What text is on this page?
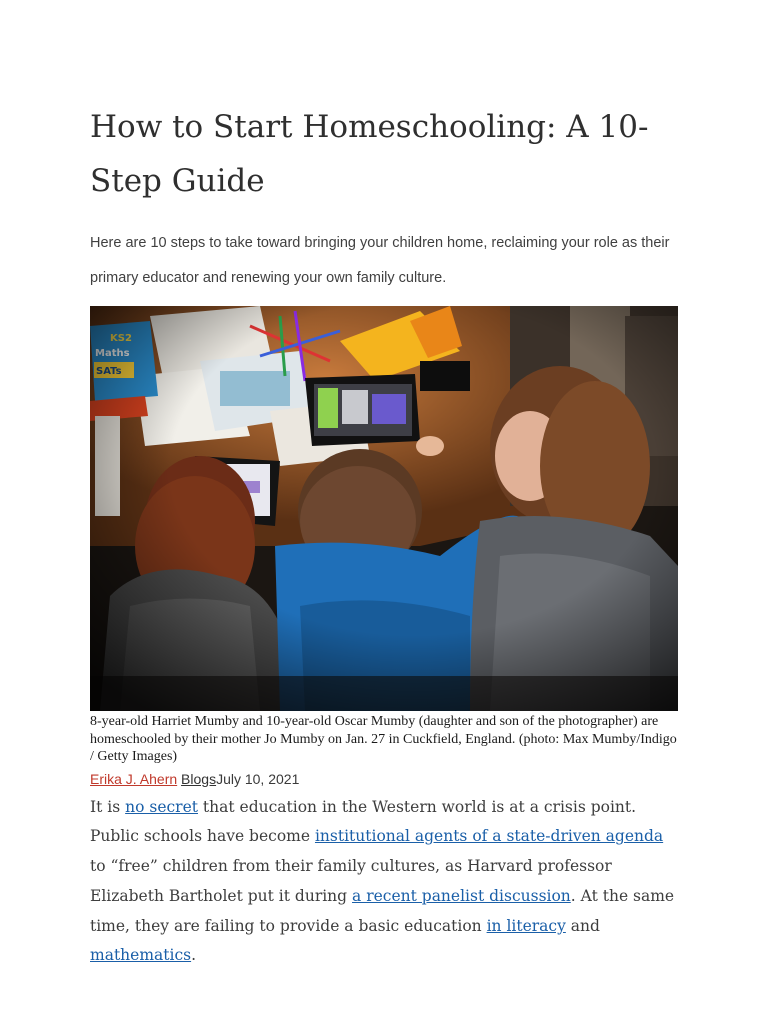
How to Start Homeschooling: A 10-Step Guide

Here are 10 steps to take toward bringing your children home, reclaiming your role as their primary educator and renewing your own family culture.

8-year-old Harriet Mumby and 10-year-old Oscar Mumby (daughter and son of the photographer) are homeschooled by their mother Jo Mumby on Jan. 27 in Cuckfield, England. (photo: Max Mumby/Indigo / Getty Images)

Erika J. Ahern BlogsJuly 10, 2021

It is no secret that education in the Western world is at a crisis point. Public schools have become institutional agents of a state-driven agenda to “free” children from their family cultures, as Harvard professor Elizabeth Bartholet put it during a recent panelist discussion. At the same time, they are failing to provide a basic education in literacy and mathematics.
